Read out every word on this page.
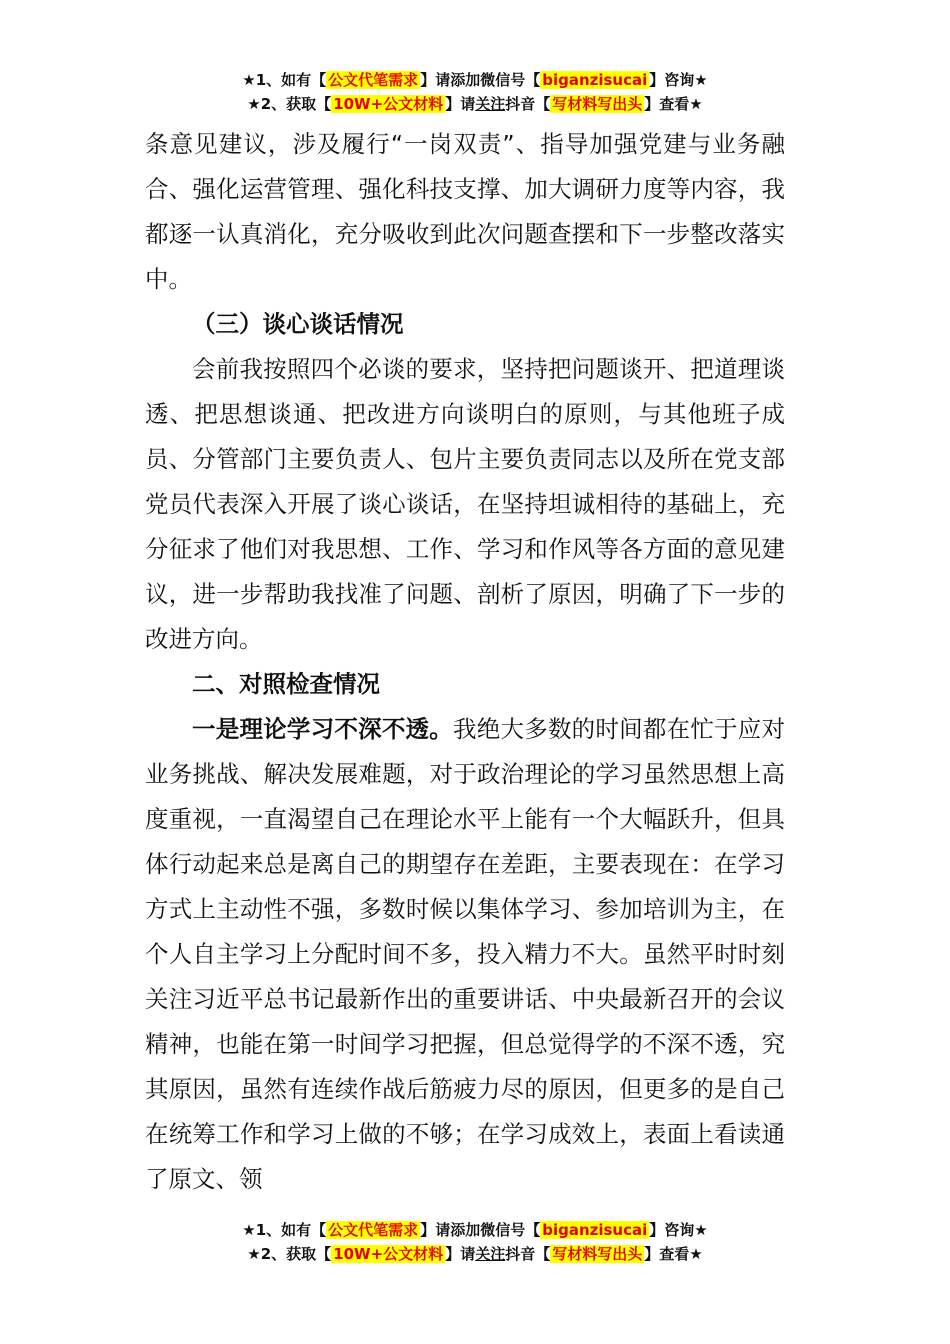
★1、如有【 公文代笔需求 】请添加微信号【 biganzisucai 】咨询★
★2、获取【 10W+公文材料 】请关注抖音【 写材料写出头 】查看★

条意见建议，涉及履行“一岗双责”、指导加强党建与业务融合、强化运营管理、强化科技支撑、加大调研力度等内容，我都逐一认真消化，充分吸收到此次问题查摆和下一步整改落实中。

（三）谈心谈话情况

会前我按照四个必谈的要求，坚持把问题谈开、把道理谈透、把思想谈通、把改进方向谈明白的原则，与其他班子成员、分管部门主要负责人、包片主要负责同志以及所在党支部党员代表深入开展了谈心谈话，在坚持坦诚相待的基础上，充分征求了他们对我思想、工作、学习和作风等各方面的意见建议，进一步帮助我找准了问题、剖析了原因，明确了下一步的改进方向。

二、对照检查情况

一是理论学习不深不透。我绝大多数的时间都在忙于应对业务挑战、解决发展难题，对于政治理论的学习虽然思想上高度重视，一直渴望自己在理论水平上能有一个大幅跃升，但具体行动起来总是离自己的期望存在差距，主要表现在：在学习方式上主动性不强，多数时候以集体学习、参加培训为主，在个人自主学习上分配时间不多，投入精力不大。虽然平时时刻关注习近平总书记最新作出的重要讲话、中央最新召开的会议精神，也能在第一时间学习把握，但总觉得学的不深不透，究其原因，虽然有连续作战后筋疲力尽的原因，但更多的是自己在统筹工作和学习上做的不够；在学习成效上，表面上看读通了原文、领

★1、如有【 公文代笔需求 】请添加微信号【 biganzisucai 】咨询★
★2、获取【 10W+公文材料 】请关注抖音【 写材料写出头 】查看★
